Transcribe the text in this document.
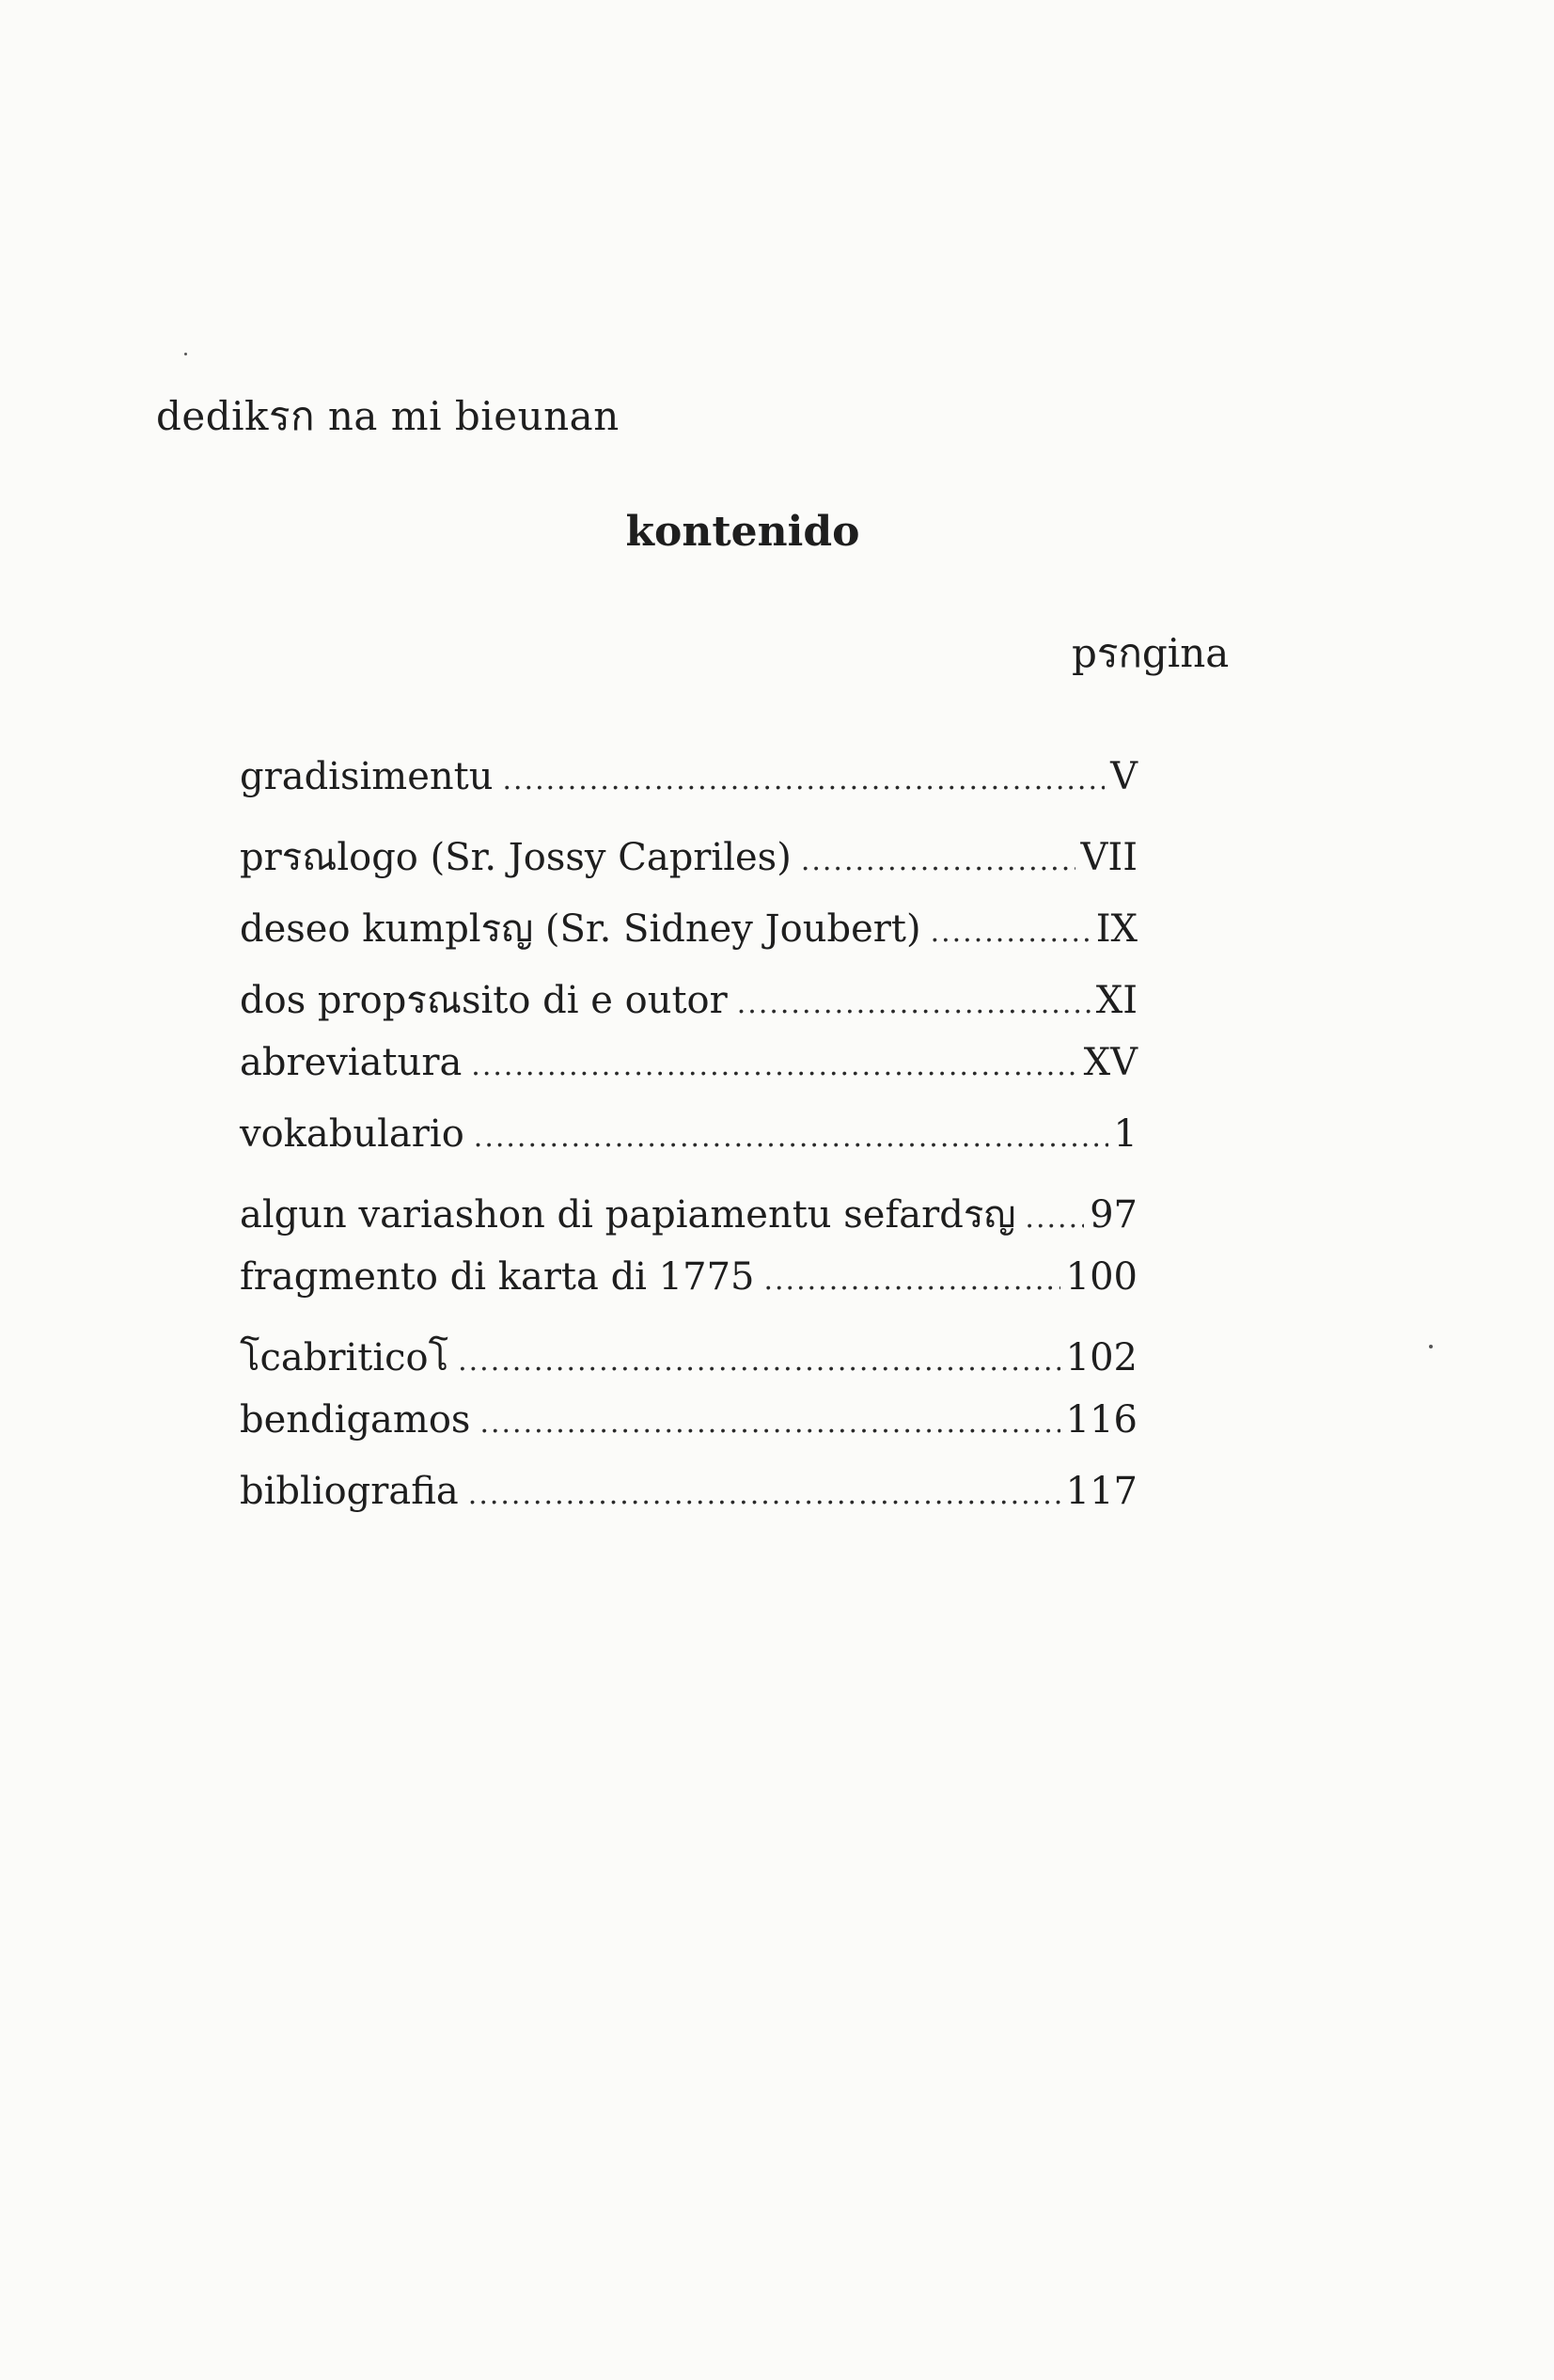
dedikรก na mi bieunan
kontenido
pรกgina
gradisimentu .....	V
prรณlogo (Sr. Jossy Capriles) .....	VII
deseo kumplรญ (Sr. Sidney Joubert) .....	IX
dos propรณsito di e outor .....	XI
abreviatura .....	XV
vokabulario .....	1
algun variashon di papiamentu sefardรญ ..... 97
fragmento di karta di 1775 .....	100
โcabriticoโ .....	102
bendigamos .....	116
bibliografia .....	117
